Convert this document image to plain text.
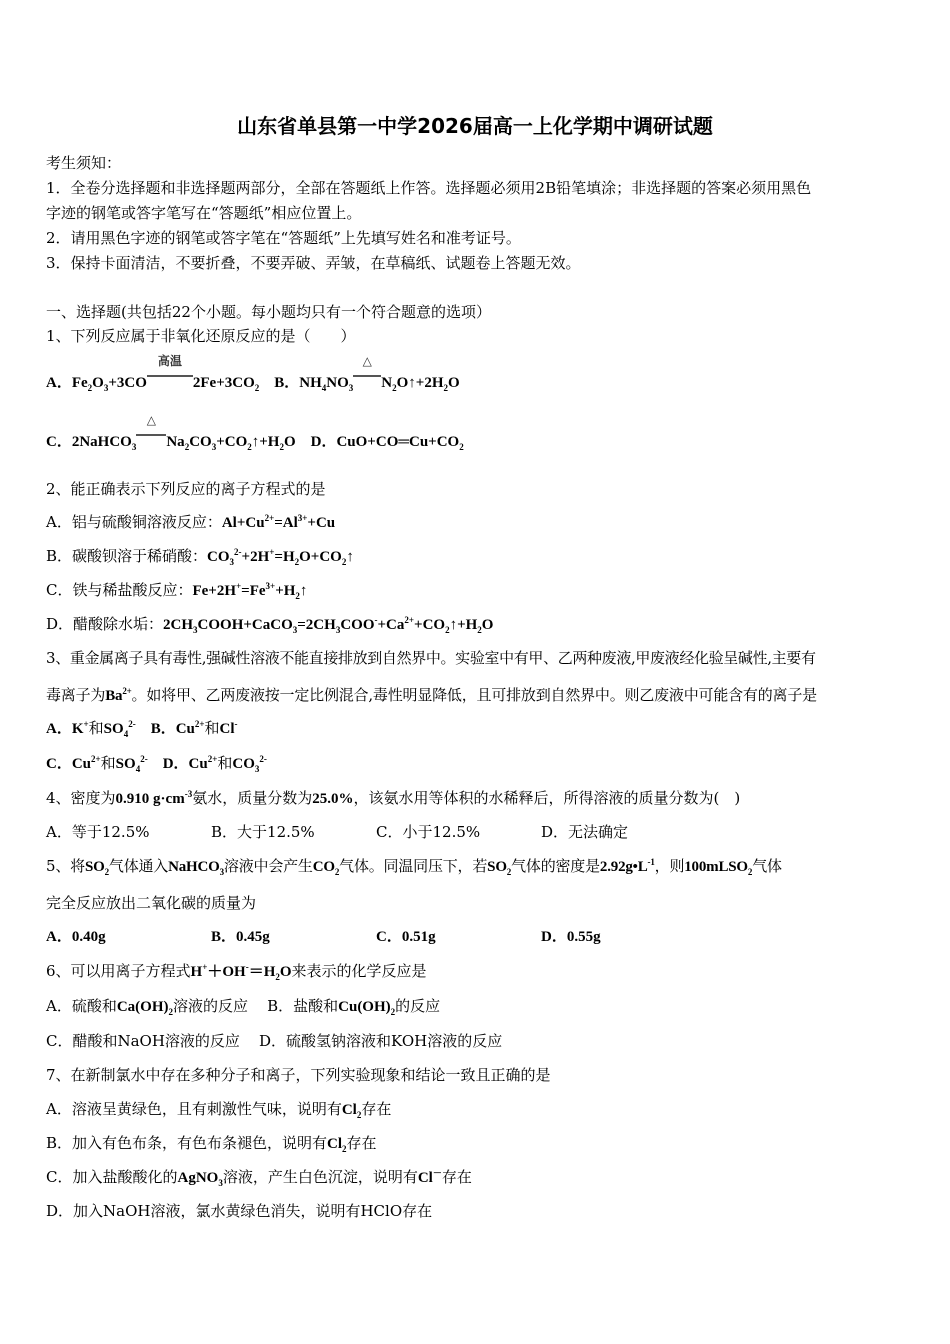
山东省单县第一中学2026届高一上化学期中调研试题
考生须知：
1．全卷分选择题和非选择题两部分，全部在答题纸上作答。选择题必须用2B铅笔填涂；非选择题的答案必须用黑色
字迹的钢笔或答字笔写在“答题纸”相应位置上。
2．请用黑色字迹的钢笔或答字笔在“答题纸”上先填写姓名和准考证号。
3．保持卡面清洁，不要折叠，不要弄破、弄皱，在草稿纸、试题卷上答题无效。
一、选择题(共包括22个小题。每小题均只有一个符合题意的选项）
1、下列反应属于非氧化还原反应的是（　　）
A．$Fe_2O_3+3CO$
高温
$2Fe+3CO_2$    B．$NH_4NO_3$
△
$N_2O↑+2H_2O$
C．2NaHCO$_3$
△
$Na_2CO_3+CO_2↑+H_2O$    D．$CuO+CO═Cu+CO_2$
2、能正确表示下列反应的离子方程式的是
A．铝与硫酸铜溶液反应：$Al+Cu^{2+}=Al^{3+}+Cu$
B．碳酸钡溶于稀硝酸：$CO_3^{2-}+2H^+=H_2O+CO_2↑$
C．铁与稀盐酸反应：$Fe+2H^+=Fe^{3+}+H_2↑$
D．醋酸除水垢：$2CH_3COOH+CaCO_3=2CH_3COO^-+Ca^{2+}+CO_2↑+H_2O$
3、重金属离子具有毒性,强碱性溶液不能直接排放到自然界中。实验室中有甲、乙两种废液,甲废液经化验呈碱性,主要有
毒离子为$Ba^{2+}$。如将甲、乙两废液按一定比例混合,毒性明显降低，且可排放到自然界中。则乙废液中可能含有的离子是
A．K+和$SO_4^{2-}$    B．$Cu^{2+}$和Cl-
C．$Cu^{2+}$和$SO_4^{2-}$    D．$Cu^{2+}$和$CO_3^{2-}$
4、密度为0.910 $g\cdot cm^{-3}$氨水，质量分数为25.0%，该氨水用等体积的水稀释后，所得溶液的质量分数为(　)
A．等于12.5%	B．大于12.5%	C．小于12.5%	D．无法确定
5、将$SO_2$气体通入NaHCO$_3$溶液中会产生$CO_2$气体。同温同压下，若$SO_2$气体的密度是$2.92g•L^{-1}$，则100mLSO$_2$气体
完全反应放出二氧化碳的质量为
A．0.40g	B．0.45g	C．0.51g	D．0.55g
6、可以用离子方程式$H^++OH^-=H_2O$来表示的化学反应是
A．硫酸和$Ca(OH)_2$溶液的反应 B．盐酸和$Cu(OH)_2$的反应
C．醋酸和NaOH溶液的反应 D．硫酸氢钠溶液和KOH溶液的反应
7、在新制氯水中存在多种分子和离子，下列实验现象和结论一致且正确的是
A．溶液呈黄绿色，且有刺激性气味，说明有$Cl_2$存在
B．加入有色布条，有色布条褪色，说明有$Cl_2$存在
C．加入盐酸酸化的AgNO$_3$溶液，产生白色沉淀，说明有Cl－存在
D．加入NaOH溶液，氯水黄绿色消失，说明有HClO存在
